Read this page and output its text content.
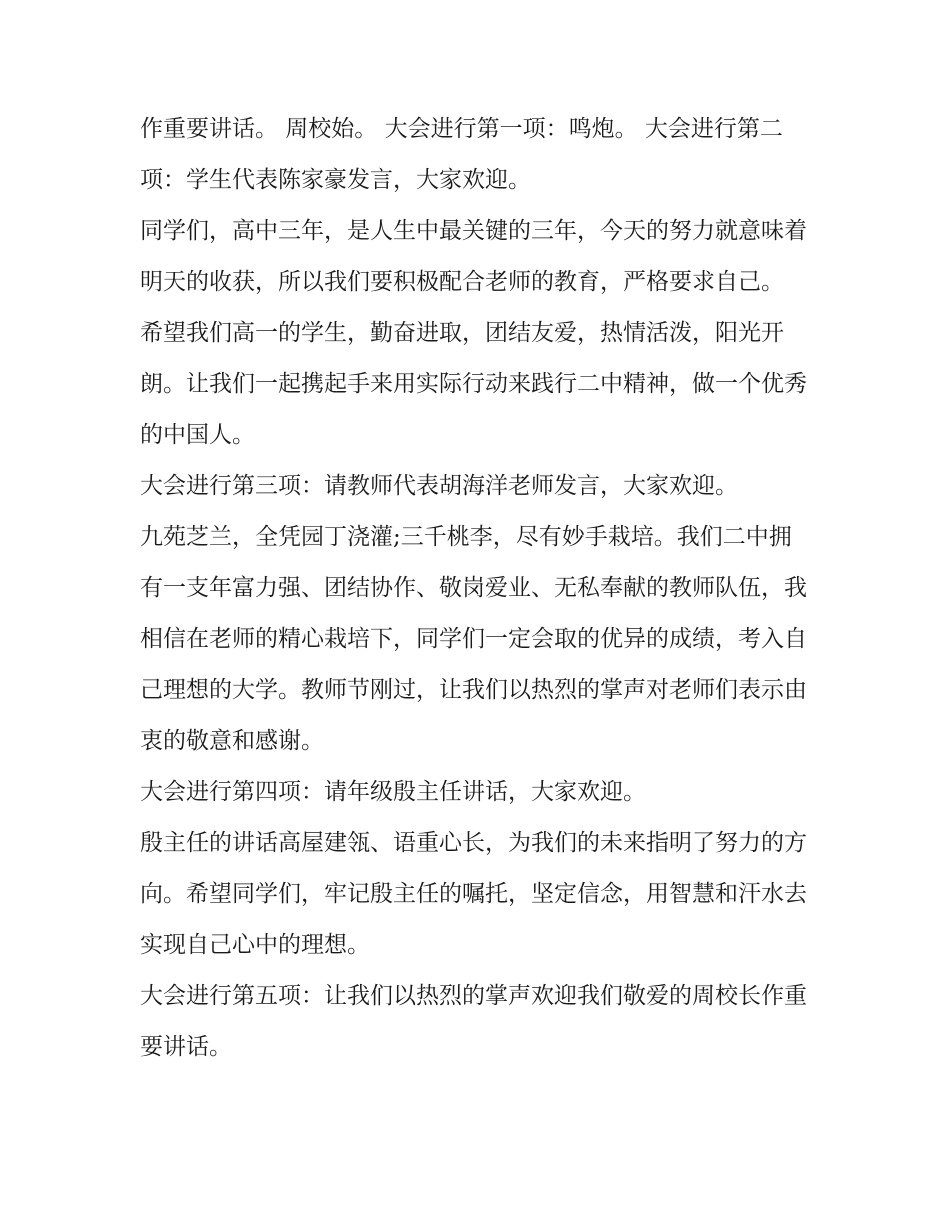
作重要讲话。 周校始。 大会进行第一项：鸣炮。 大会进行第二项：学生代表陈家豪发言，大家欢迎。

同学们，高中三年，是人生中最关键的三年，今天的努力就意味着明天的收获，所以我们要积极配合老师的教育，严格要求自己。

希望我们高一的学生，勤奋进取，团结友爱，热情活泼，阳光开朗。让我们一起携起手来用实际行动来践行二中精神，做一个优秀的中国人。

大会进行第三项：请教师代表胡海洋老师发言，大家欢迎。

九苑芝兰，全凭园丁浇灌;三千桃李，尽有妙手栽培。我们二中拥有一支年富力强、团结协作、敬岗爱业、无私奉献的教师队伍，我相信在老师的精心栽培下，同学们一定会取的优异的成绩，考入自己理想的大学。教师节刚过，让我们以热烈的掌声对老师们表示由衷的敬意和感谢。

大会进行第四项：请年级殷主任讲话，大家欢迎。

殷主任的讲话高屋建瓴、语重心长，为我们的未来指明了努力的方向。希望同学们，牢记殷主任的嘱托，坚定信念，用智慧和汗水去实现自己心中的理想。

大会进行第五项：让我们以热烈的掌声欢迎我们敬爱的周校长作重要讲话。
